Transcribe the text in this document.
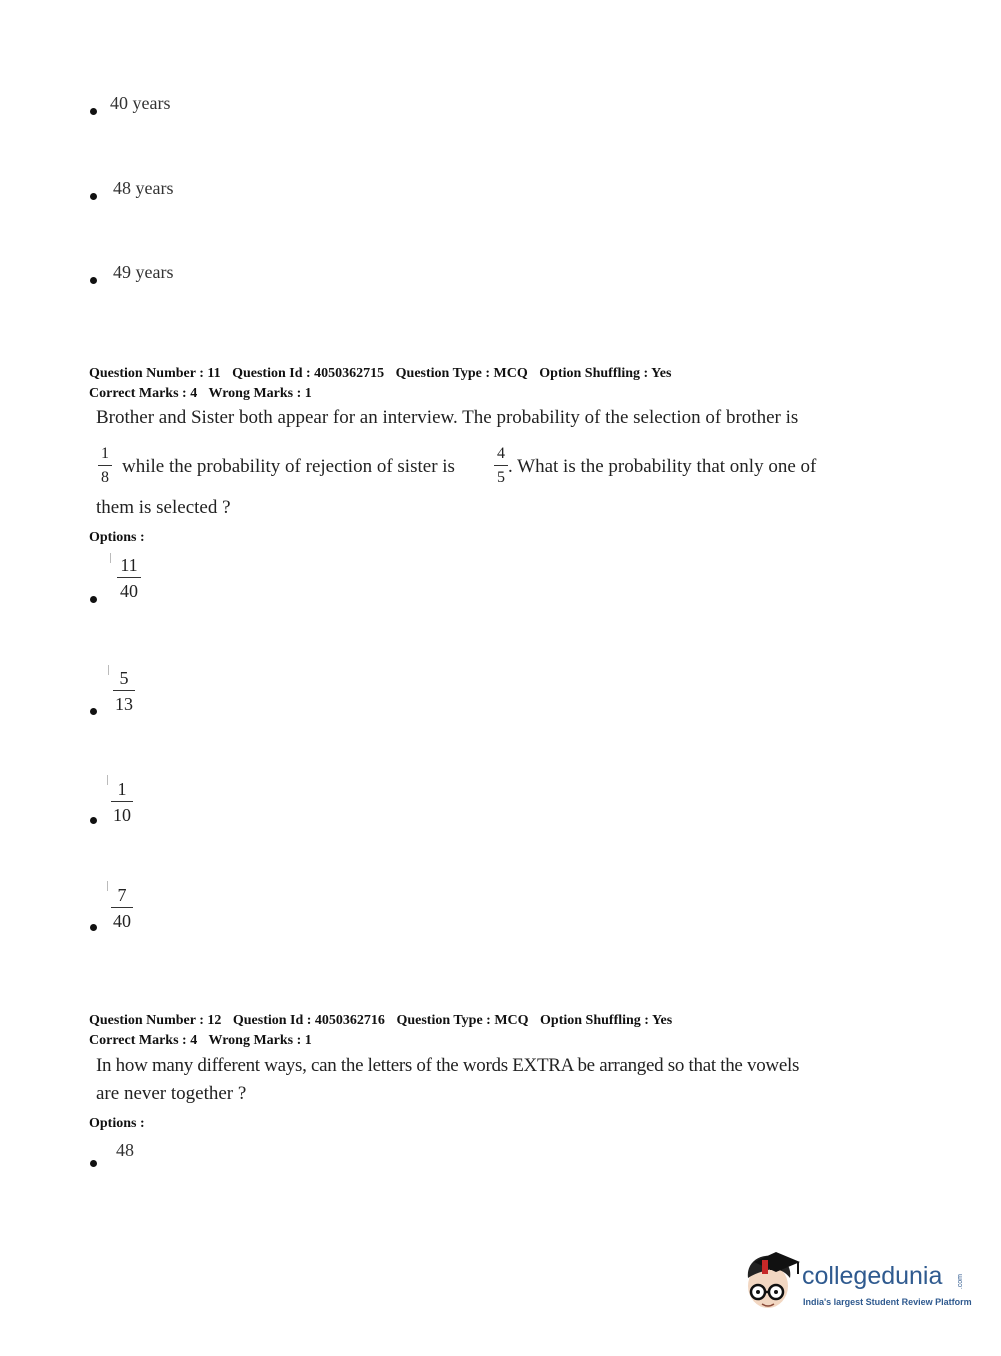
40 years
48 years
49 years
Question Number : 11 Question Id : 4050362715 Question Type : MCQ Option Shuffling : Yes
Correct Marks : 4 Wrong Marks : 1
Brother and Sister both appear for an interview. The probability of the selection of brother is
1
8
while the probability of rejection of sister is
4
5
. What is the probability that only one of
them is selected ?
Options :
11
40
5
13
1
10
7
40
Question Number : 12 Question Id : 4050362716 Question Type : MCQ Option Shuffling : Yes
Correct Marks : 4 Wrong Marks : 1
In how many different ways, can the letters of the words EXTRA be arranged so that the vowels
are never together ?
Options :
48
collegedunia .com
India's largest Student Review Platform
